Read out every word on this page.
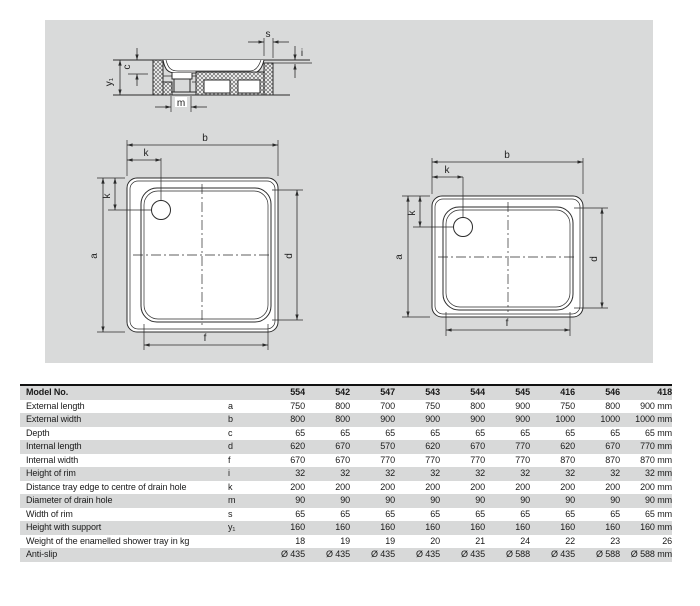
s
i
c
y₁
m
b
k
a
k
d
f
b
k
a
k
d
f
Model No.		554	542	547	543	544	545	416	546	418
External length	a	750	800	700	750	800	900	750	800	900 mm
External width	b	800	800	900	900	900	900	1000	1000	1000 mm
Depth	c	65	65	65	65	65	65	65	65	65 mm
Internal length	d	620	670	570	620	670	770	620	670	770 mm
Internal width	f	670	670	770	770	770	770	870	870	870 mm
Height of rim	i	32	32	32	32	32	32	32	32	32 mm
Distance tray edge to centre of drain hole	k	200	200	200	200	200	200	200	200	200 mm
Diameter of drain hole	m	90	90	90	90	90	90	90	90	90 mm
Width of rim	s	65	65	65	65	65	65	65	65	65 mm
Height with support	y₁	160	160	160	160	160	160	160	160	160 mm
Weight of the enamelled shower tray in kg		18	19	19	20	21	24	22	23	26
Anti-slip		Ø 435	Ø 435	Ø 435	Ø 435	Ø 435	Ø 588	Ø 435	Ø 588	Ø 588 mm
